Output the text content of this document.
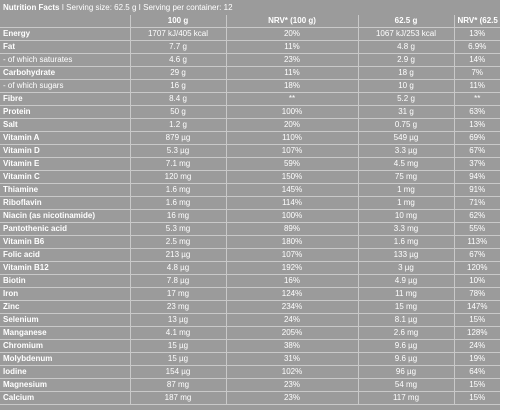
Nutrition Facts I Serving size: 62.5 g I Serving per container: 12
	100 g	NRV* (100 g)	62.5 g	NRV* (62.5 g)
Energy	1707 kJ/405 kcal	20%	1067 kJ/253 kcal	13%
Fat	7.7 g	11%	4.8 g	6.9%
- of which saturates	4.6 g	23%	2.9 g	14%
Carbohydrate	29 g	11%	18 g	7%
- of which sugars	16 g	18%	10 g	11%
Fibre	8.4 g	**	5.2 g	**
Protein	50 g	100%	31 g	63%
Salt	1.2 g	20%	0.75 g	13%
Vitamin A	879 µg	110%	549 µg	69%
Vitamin D	5.3 µg	107%	3.3 µg	67%
Vitamin E	7.1 mg	59%	4.5 mg	37%
Vitamin C	120 mg	150%	75 mg	94%
Thiamine	1.6 mg	145%	1 mg	91%
Riboflavin	1.6 mg	114%	1 mg	71%
Niacin (as nicotinamide)	16 mg	100%	10 mg	62%
Pantothenic acid	5.3 mg	89%	3.3 mg	55%
Vitamin B6	2.5 mg	180%	1.6 mg	113%
Folic acid	213 µg	107%	133 µg	67%
Vitamin B12	4.8 µg	192%	3 µg	120%
Biotin	7.8 µg	16%	4.9 µg	10%
Iron	17 mg	124%	11 mg	78%
Zinc	23 mg	234%	15 mg	147%
Selenium	13 µg	24%	8.1 µg	15%
Manganese	4.1 mg	205%	2.6 mg	128%
Chromium	15 µg	38%	9.6 µg	24%
Molybdenum	15 µg	31%	9.6 µg	19%
Iodine	154 µg	102%	96 µg	64%
Magnesium	87 mg	23%	54 mg	15%
Calcium	187 mg	23%	117 mg	15%
